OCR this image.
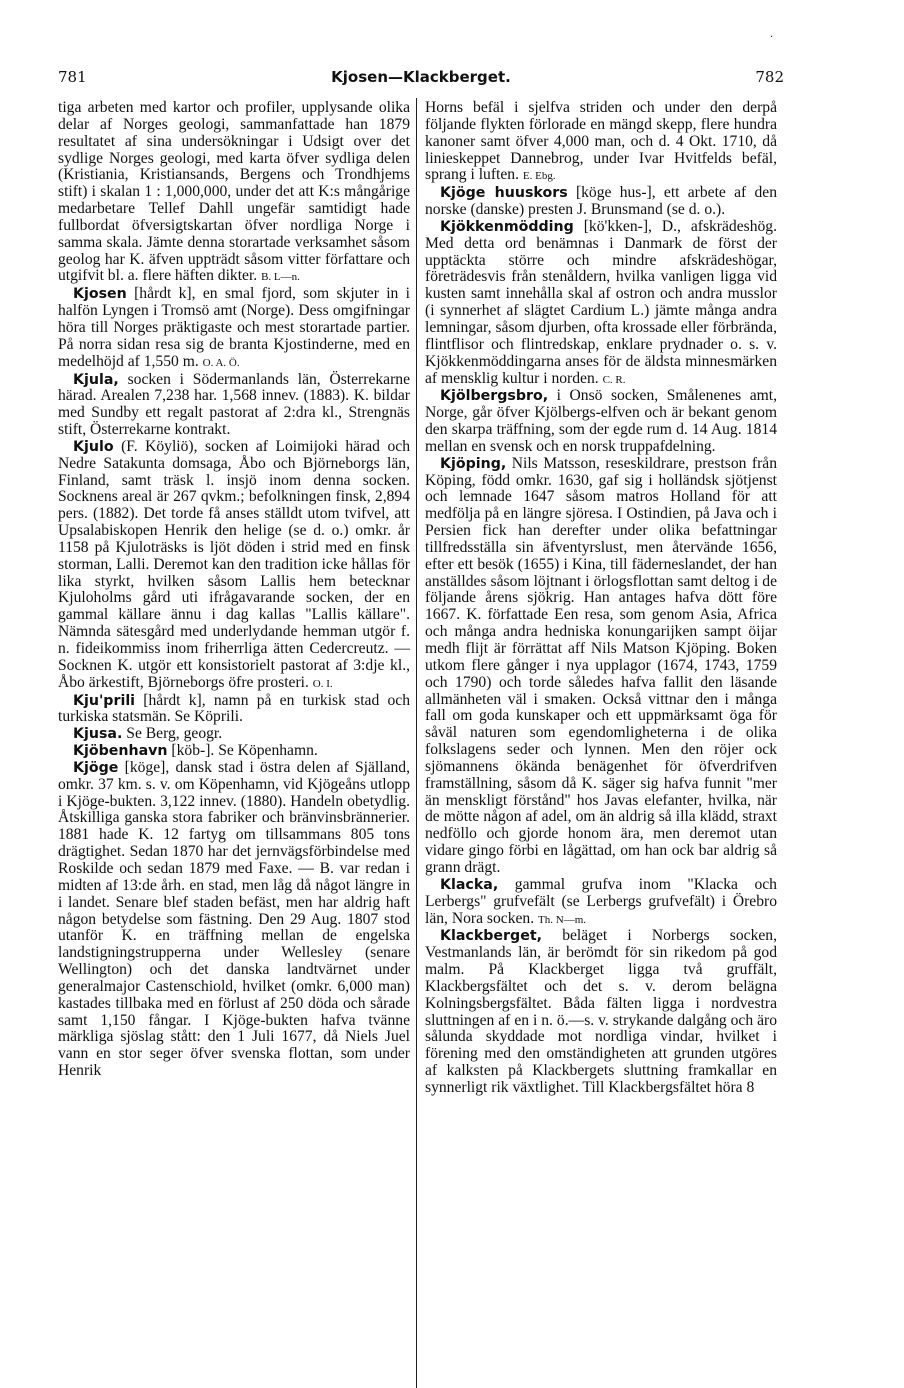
·
781	Kjosen—Klackberget.	782

tiga arbeten med kartor och profiler, upplysande olika delar af Norges geologi, sammanfattade han 1879 resultatet af sina undersökningar i Udsigt over det sydlige Norges geologi, med karta öfver sydliga delen (Kristiania, Kristiansands, Bergens och Trondhjems stift) i skalan 1 : 1,000,000, under det att K:s mångårige medarbetare Tellef Dahll ungefär samtidigt hade fullbordat öfversigtskartan öfver nordliga Norge i samma skala. Jämte denna storartade verksamhet såsom geolog har K. äfven uppträdt såsom vitter författare och utgifvit bl. a. flere häften dikter. B. L—n.

Kjosen [hårdt k], en smal fjord, som skjuter in i halfön Lyngen i Tromsö amt (Norge). Dess omgifningar höra till Norges präktigaste och mest storartade partier. På norra sidan resa sig de branta Kjostinderne, med en medelhöjd af 1,550 m. O. A. Ö.

Kjula, socken i Södermanlands län, Österrekarne härad. Arealen 7,238 har. 1,568 innev. (1883). K. bildar med Sundby ett regalt pastorat af 2:dra kl., Strengnäs stift, Österrekarne kontrakt.

Kjulo (F. Köyliö), socken af Loimijoki härad och Nedre Satakunta domsaga, Åbo och Björneborgs län, Finland, samt träsk l. insjö inom denna socken. Socknens areal är 267 qvkm.; befolkningen finsk, 2,894 pers. (1882). Det torde få anses ställdt utom tvifvel, att Upsalabiskopen Henrik den helige (se d. o.) omkr. år 1158 på Kjuloträsks is ljöt döden i strid med en finsk storman, Lalli. Deremot kan den tradition icke hållas för lika styrkt, hvilken såsom Lallis hem betecknar Kjuloholms gård uti ifrågavarande socken, der en gammal källare ännu i dag kallas "Lallis källare". Nämnda sätesgård med underlydande hemman utgör f. n. fideikommiss inom friherrliga ätten Cedercreutz. — Socknen K. utgör ett konsistorielt pastorat af 3:dje kl., Åbo ärkestift, Björneborgs öfre prosteri. O. I.

Kju'prili [hårdt k], namn på en turkisk stad och turkiska statsmän. Se Köprili.

Kjusa. Se Berg, geogr.

Kjöbenhavn [köb-]. Se Köpenhamn.

Kjöge [köge], dansk stad i östra delen af Själland, omkr. 37 km. s. v. om Köpenhamn, vid Kjögeåns utlopp i Kjöge-bukten. 3,122 innev. (1880). Handeln obetydlig. Åtskilliga ganska stora fabriker och bränvinsbrännerier. 1881 hade K. 12 fartyg om tillsammans 805 tons drägtighet. Sedan 1870 har det jernvägsförbindelse med Roskilde och sedan 1879 med Faxe. — B. var redan i midten af 13:de årh. en stad, men låg då något längre in i landet. Senare blef staden befäst, men har aldrig haft någon betydelse som fästning. Den 29 Aug. 1807 stod utanför K. en träffning mellan de engelska landstigningstrupperna under Wellesley (senare Wellington) och det danska landtvärnet under generalmajor Castenschiold, hvilket (omkr. 6,000 man) kastades tillbaka med en förlust af 250 döda och sårade samt 1,150 fångar. I Kjöge-bukten hafva tvänne märkliga sjöslag stått: den 1 Juli 1677, då Niels Juel vann en stor seger öfver svenska flottan, som under Henrik

Horns befäl i sjelfva striden och under den derpå följande flykten förlorade en mängd skepp, flere hundra kanoner samt öfver 4,000 man, och d. 4 Okt. 1710, då linieskeppet Dannebrog, under Ivar Hvitfelds befäl, sprang i luften. E. Ebg.

Kjöge huuskors [köge hus-], ett arbete af den norske (danske) presten J. Brunsmand (se d. o.).

Kjökkenmödding [kö'kken-], D., afskrädeshög. Med detta ord benämnas i Danmark de först der upptäckta större och mindre afskrädeshögar, företrädesvis från stenåldern, hvilka vanligen ligga vid kusten samt innehålla skal af ostron och andra musslor (i synnerhet af slägtet Cardium L.) jämte många andra lemningar, såsom djurben, ofta krossade eller förbrända, flintflisor och flintredskap, enklare prydnader o. s. v. Kjökkenmöddingarna anses för de äldsta minnesmärken af mensklig kultur i norden. C. R.

Kjölbergsbro, i Onsö socken, Smålenenes amt, Norge, går öfver Kjölbergs-elfven och är bekant genom den skarpa träffning, som der egde rum d. 14 Aug. 1814 mellan en svensk och en norsk truppafdelning.

Kjöping, Nils Matsson, reseskildrare, prestson från Köping, född omkr. 1630, gaf sig i holländsk sjötjenst och lemnade 1647 såsom matros Holland för att medfölja på en längre sjöresa. I Ostindien, på Java och i Persien fick han derefter under olika befattningar tillfredsställa sin äfventyrslust, men återvände 1656, efter ett besök (1655) i Kina, till fäderneslandet, der han anställdes såsom löjtnant i örlogsflottan samt deltog i de följande årens sjökrig. Han antages hafva dött före 1667. K. författade Een resa, som genom Asia, Africa och många andra hedniska konungarijken sampt öijar medh flijt är förrättat aff Nils Matson Kjöping. Boken utkom flere gånger i nya upplagor (1674, 1743, 1759 och 1790) och torde således hafva fallit den läsande allmänheten väl i smaken. Också vittnar den i många fall om goda kunskaper och ett uppmärksamt öga för såväl naturen som egendomligheterna i de olika folkslagens seder och lynnen. Men den röjer ock sjömannens ökända benägenhet för öfverdrifven framställning, såsom då K. säger sig hafva funnit "mer än menskligt förstånd" hos Javas elefanter, hvilka, när de mötte någon af adel, om än aldrig så illa klädd, straxt nedföllo och gjorde honom ära, men deremot utan vidare gingo förbi en lågättad, om han ock bar aldrig så grann drägt.

Klacka, gammal grufva inom "Klacka och Lerbergs" grufvefält (se Lerbergs grufvefält) i Örebro län, Nora socken. Th. N—m.

Klackberget, beläget i Norbergs socken, Vestmanlands län, är berömdt för sin rikedom på god malm. På Klackberget ligga två gruffält, Klackbergsfältet och det s. v. derom belägna Kolningsbergsfältet. Båda fälten ligga i nordvestra sluttningen af en i n. ö.—s. v. strykande dalgång och äro sålunda skyddade mot nordliga vindar, hvilket i förening med den omständigheten att grunden utgöres af kalksten på Klackbergets sluttning framkallar en synnerligt rik växtlighet. Till Klackbergsfältet höra 8
